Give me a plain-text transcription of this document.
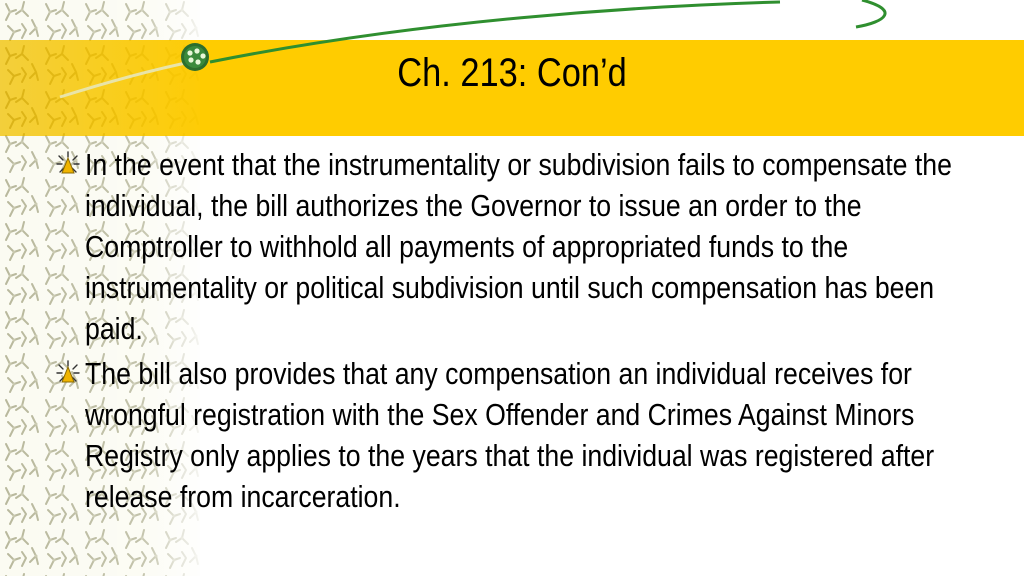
Ch. 213: Con’d
In the event that the instrumentality or subdivision fails to compensate the individual, the bill authorizes the Governor to issue an order to the Comptroller to withhold all payments of appropriated funds to the instrumentality or political subdivision until such compensation has been paid.
The bill also provides that any compensation an individual receives for wrongful registration with the Sex Offender and Crimes Against Minors Registry only applies to the years that the individual was registered after release from incarceration.
